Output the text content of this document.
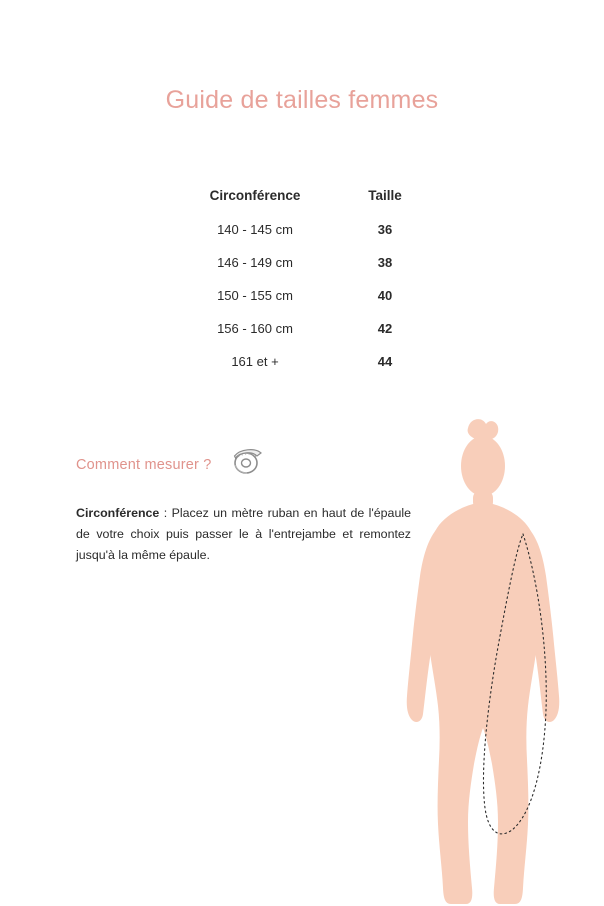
Guide de tailles femmes
Circonférence	Taille
140 - 145 cm	36
146 - 149 cm	38
150 - 155 cm	40
156 - 160 cm	42
161 et +	44
Comment mesurer ?

Circonférence : Placez un mètre ruban en haut de l'épaule de votre choix puis passer le à l'entrejambe et remontez jusqu'à la même épaule.
